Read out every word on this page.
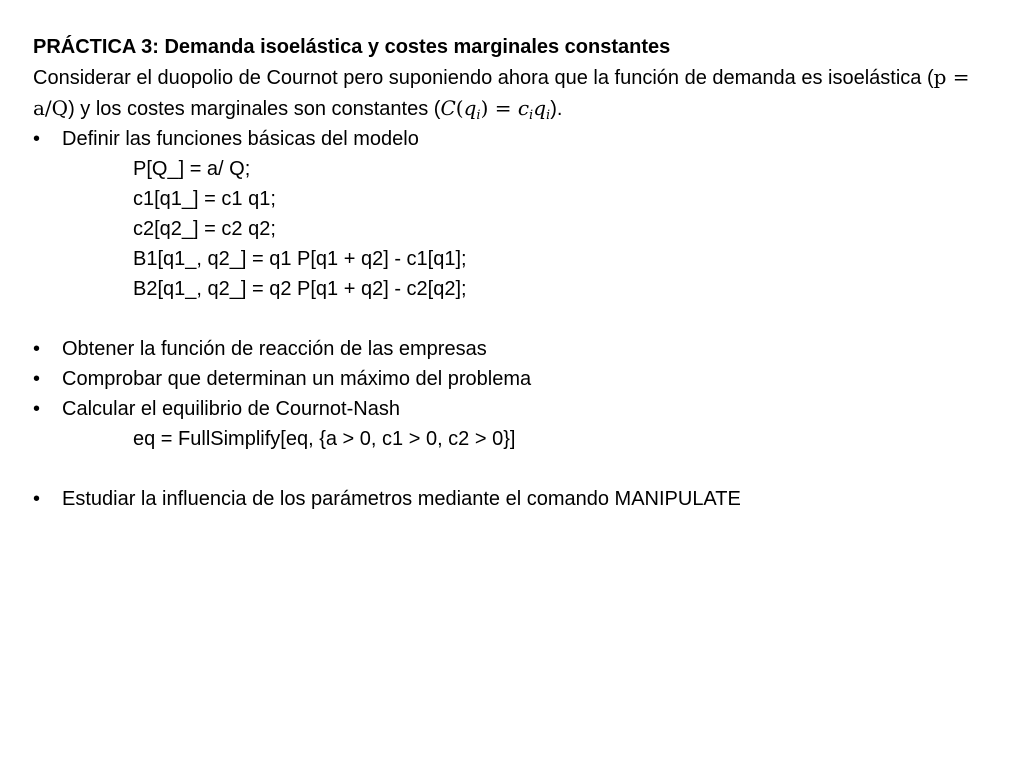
PRÁCTICA 3: Demanda isoelástica y costes marginales constantes
Considerar el duopolio de Cournot pero suponiendo ahora que la función de demanda es isoelástica (p = a/Q) y los costes marginales son constantes $(C(q_i) = c_iq_i)$.
•	Definir las funciones básicas del modelo
P[Q_] = a/ Q;
c1[q1_] = c1 q1;
c2[q2_] = c2 q2;
B1[q1_, q2_] = q1 P[q1 + q2] - c1[q1];
B2[q1_, q2_] = q2 P[q1 + q2] - c2[q2];
•	Obtener la función de reacción de las empresas
•	Comprobar que determinan un máximo del problema
•	Calcular el equilibrio de Cournot-Nash
eq = FullSimplify[eq, {a > 0, c1 > 0, c2 > 0}]
•	Estudiar la influencia de los parámetros mediante el comando MANIPULATE
